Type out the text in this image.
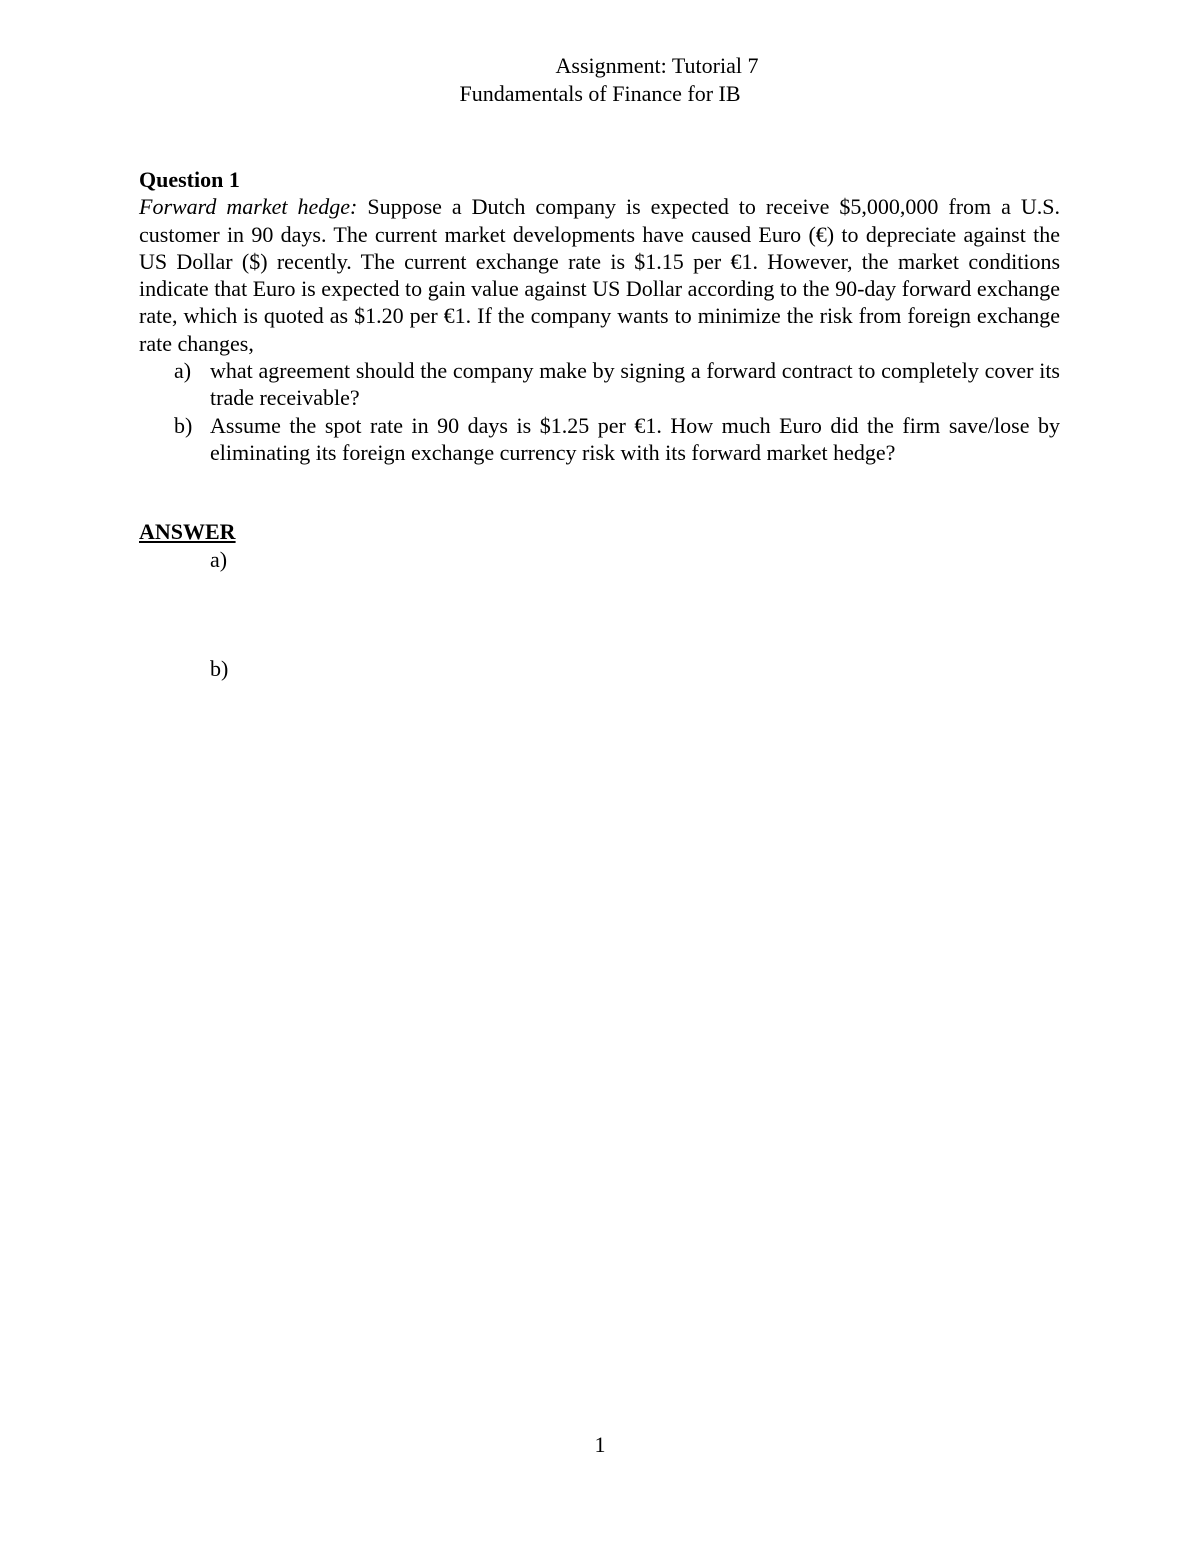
Assignment: Tutorial 7
Fundamentals of Finance for IB

Question 1

Forward market hedge: Suppose a Dutch company is expected to receive $5,000,000 from a U.S. customer in 90 days. The current market developments have caused Euro (€) to depreciate against the US Dollar ($) recently. The current exchange rate is $1.15 per €1. However, the market conditions indicate that Euro is expected to gain value against US Dollar according to the 90-day forward exchange rate, which is quoted as $1.20 per €1. If the company wants to minimize the risk from foreign exchange rate changes,

a) what agreement should the company make by signing a forward contract to completely cover its trade receivable?
b) Assume the spot rate in 90 days is $1.25 per €1. How much Euro did the firm save/lose by eliminating its foreign exchange currency risk with its forward market hedge?

ANSWER

a)

b)

1
